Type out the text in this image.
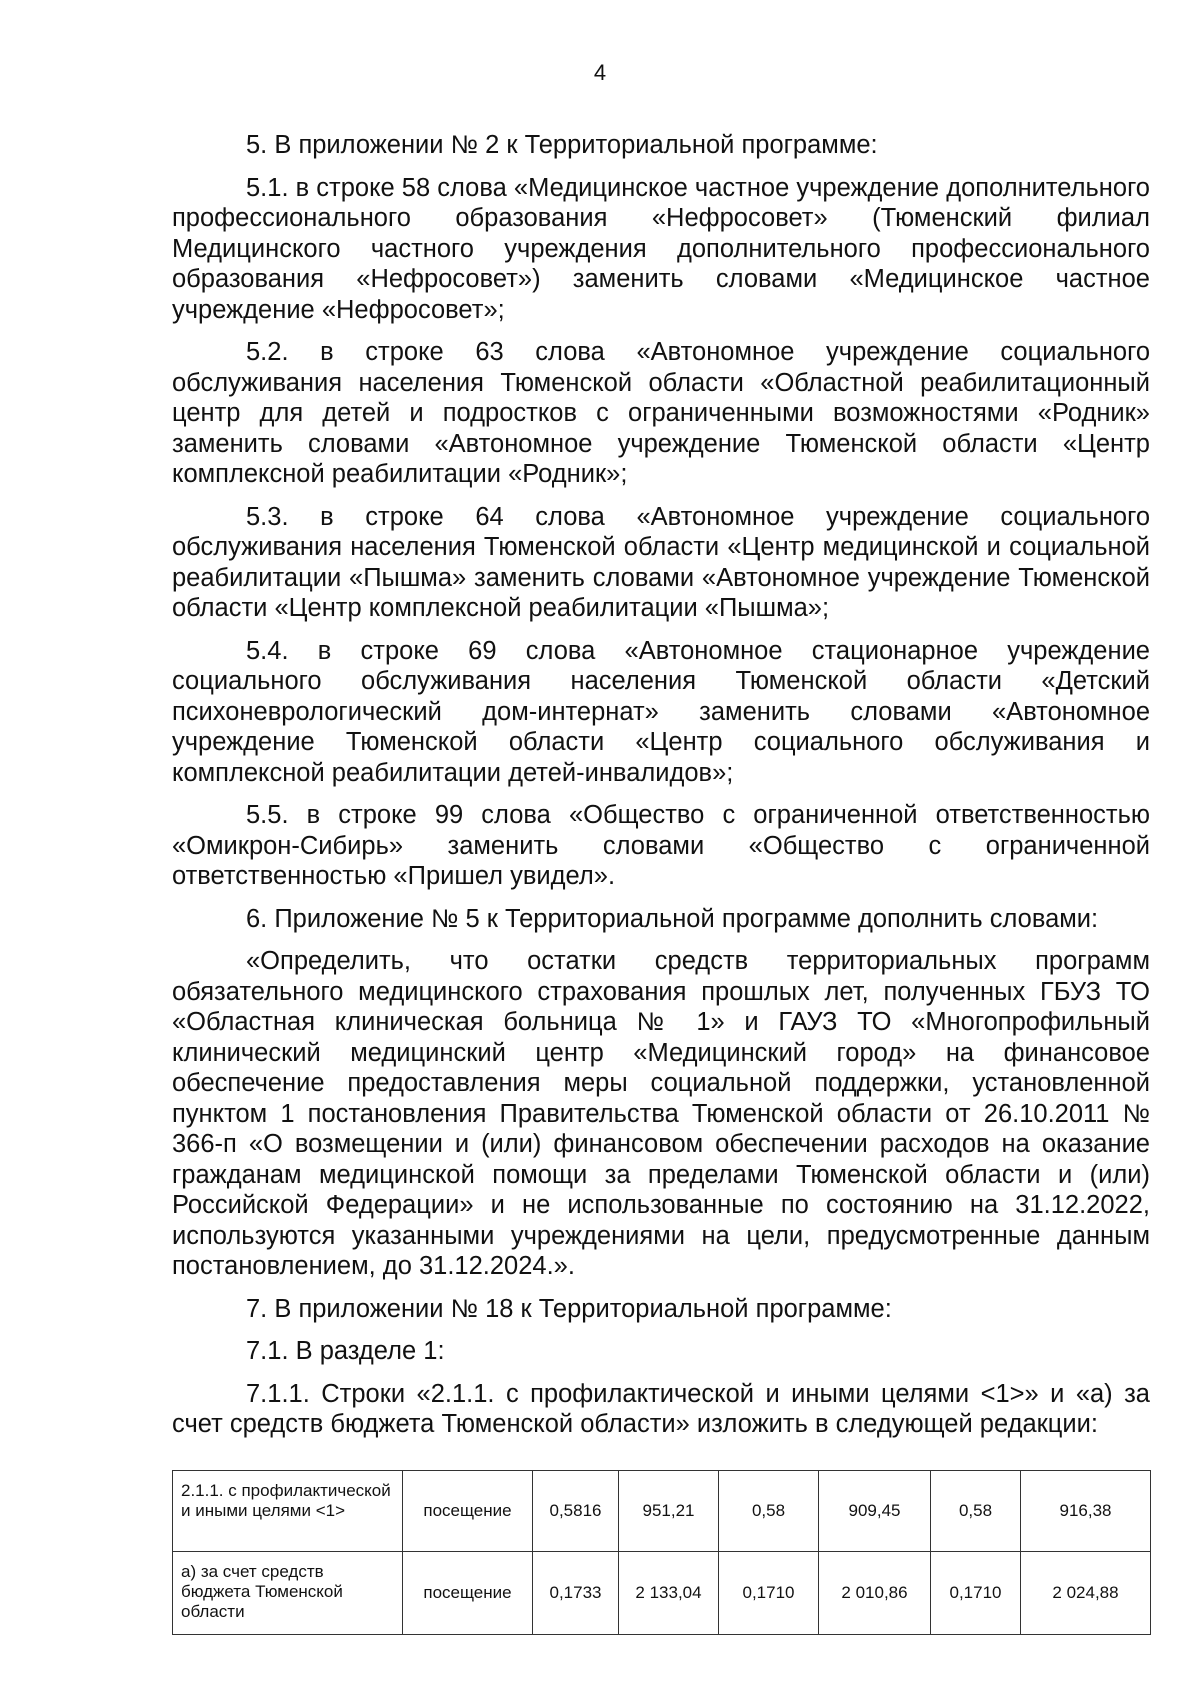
4

5. В приложении № 2 к Территориальной программе:

5.1. в строке 58 слова «Медицинское частное учреждение дополнительного профессионального образования «Нефросовет» (Тюменский филиал Медицинского частного учреждения дополнительного профессионального образования «Нефросовет») заменить словами «Медицинское частное учреждение «Нефросовет»;

5.2. в строке 63 слова «Автономное учреждение социального обслуживания населения Тюменской области «Областной реабилитационный центр для детей и подростков с ограниченными возможностями «Родник» заменить словами «Автономное учреждение Тюменской области «Центр комплексной реабилитации «Родник»;

5.3. в строке 64 слова «Автономное учреждение социального обслуживания населения Тюменской области «Центр медицинской и социальной реабилитации «Пышма» заменить словами «Автономное учреждение Тюменской области «Центр комплексной реабилитации «Пышма»;

5.4. в строке 69 слова «Автономное стационарное учреждение социального обслуживания населения Тюменской области «Детский психоневрологический дом-интернат» заменить словами «Автономное учреждение Тюменской области «Центр социального обслуживания и комплексной реабилитации детей-инвалидов»;

5.5. в строке 99 слова «Общество с ограниченной ответственностью «Омикрон-Сибирь» заменить словами «Общество с ограниченной ответственностью «Пришел увидел».

6. Приложение № 5 к Территориальной программе дополнить словами:

«Определить, что остатки средств территориальных программ обязательного медицинского страхования прошлых лет, полученных ГБУЗ ТО «Областная клиническая больница № 1» и ГАУЗ ТО «Многопрофильный клинический медицинский центр «Медицинский город» на финансовое обеспечение предоставления меры социальной поддержки, установленной пунктом 1 постановления Правительства Тюменской области от 26.10.2011 № 366-п «О возмещении и (или) финансовом обеспечении расходов на оказание гражданам медицинской помощи за пределами Тюменской области и (или) Российской Федерации» и не использованные по состоянию на 31.12.2022, используются указанными учреждениями на цели, предусмотренные данным постановлением, до 31.12.2024.».

7. В приложении № 18 к Территориальной программе:

7.1. В разделе 1:

7.1.1. Строки «2.1.1. с профилактической и иными целями <1>» и «а) за счет средств бюджета Тюменской области» изложить в следующей редакции:

2.1.1. с профилактической и иными целями <1>	посещение	0,5816	951,21	0,58	909,45	0,58	916,38
а) за счет средств бюджета Тюменской области	посещение	0,1733	2 133,04	0,1710	2 010,86	0,1710	2 024,88
